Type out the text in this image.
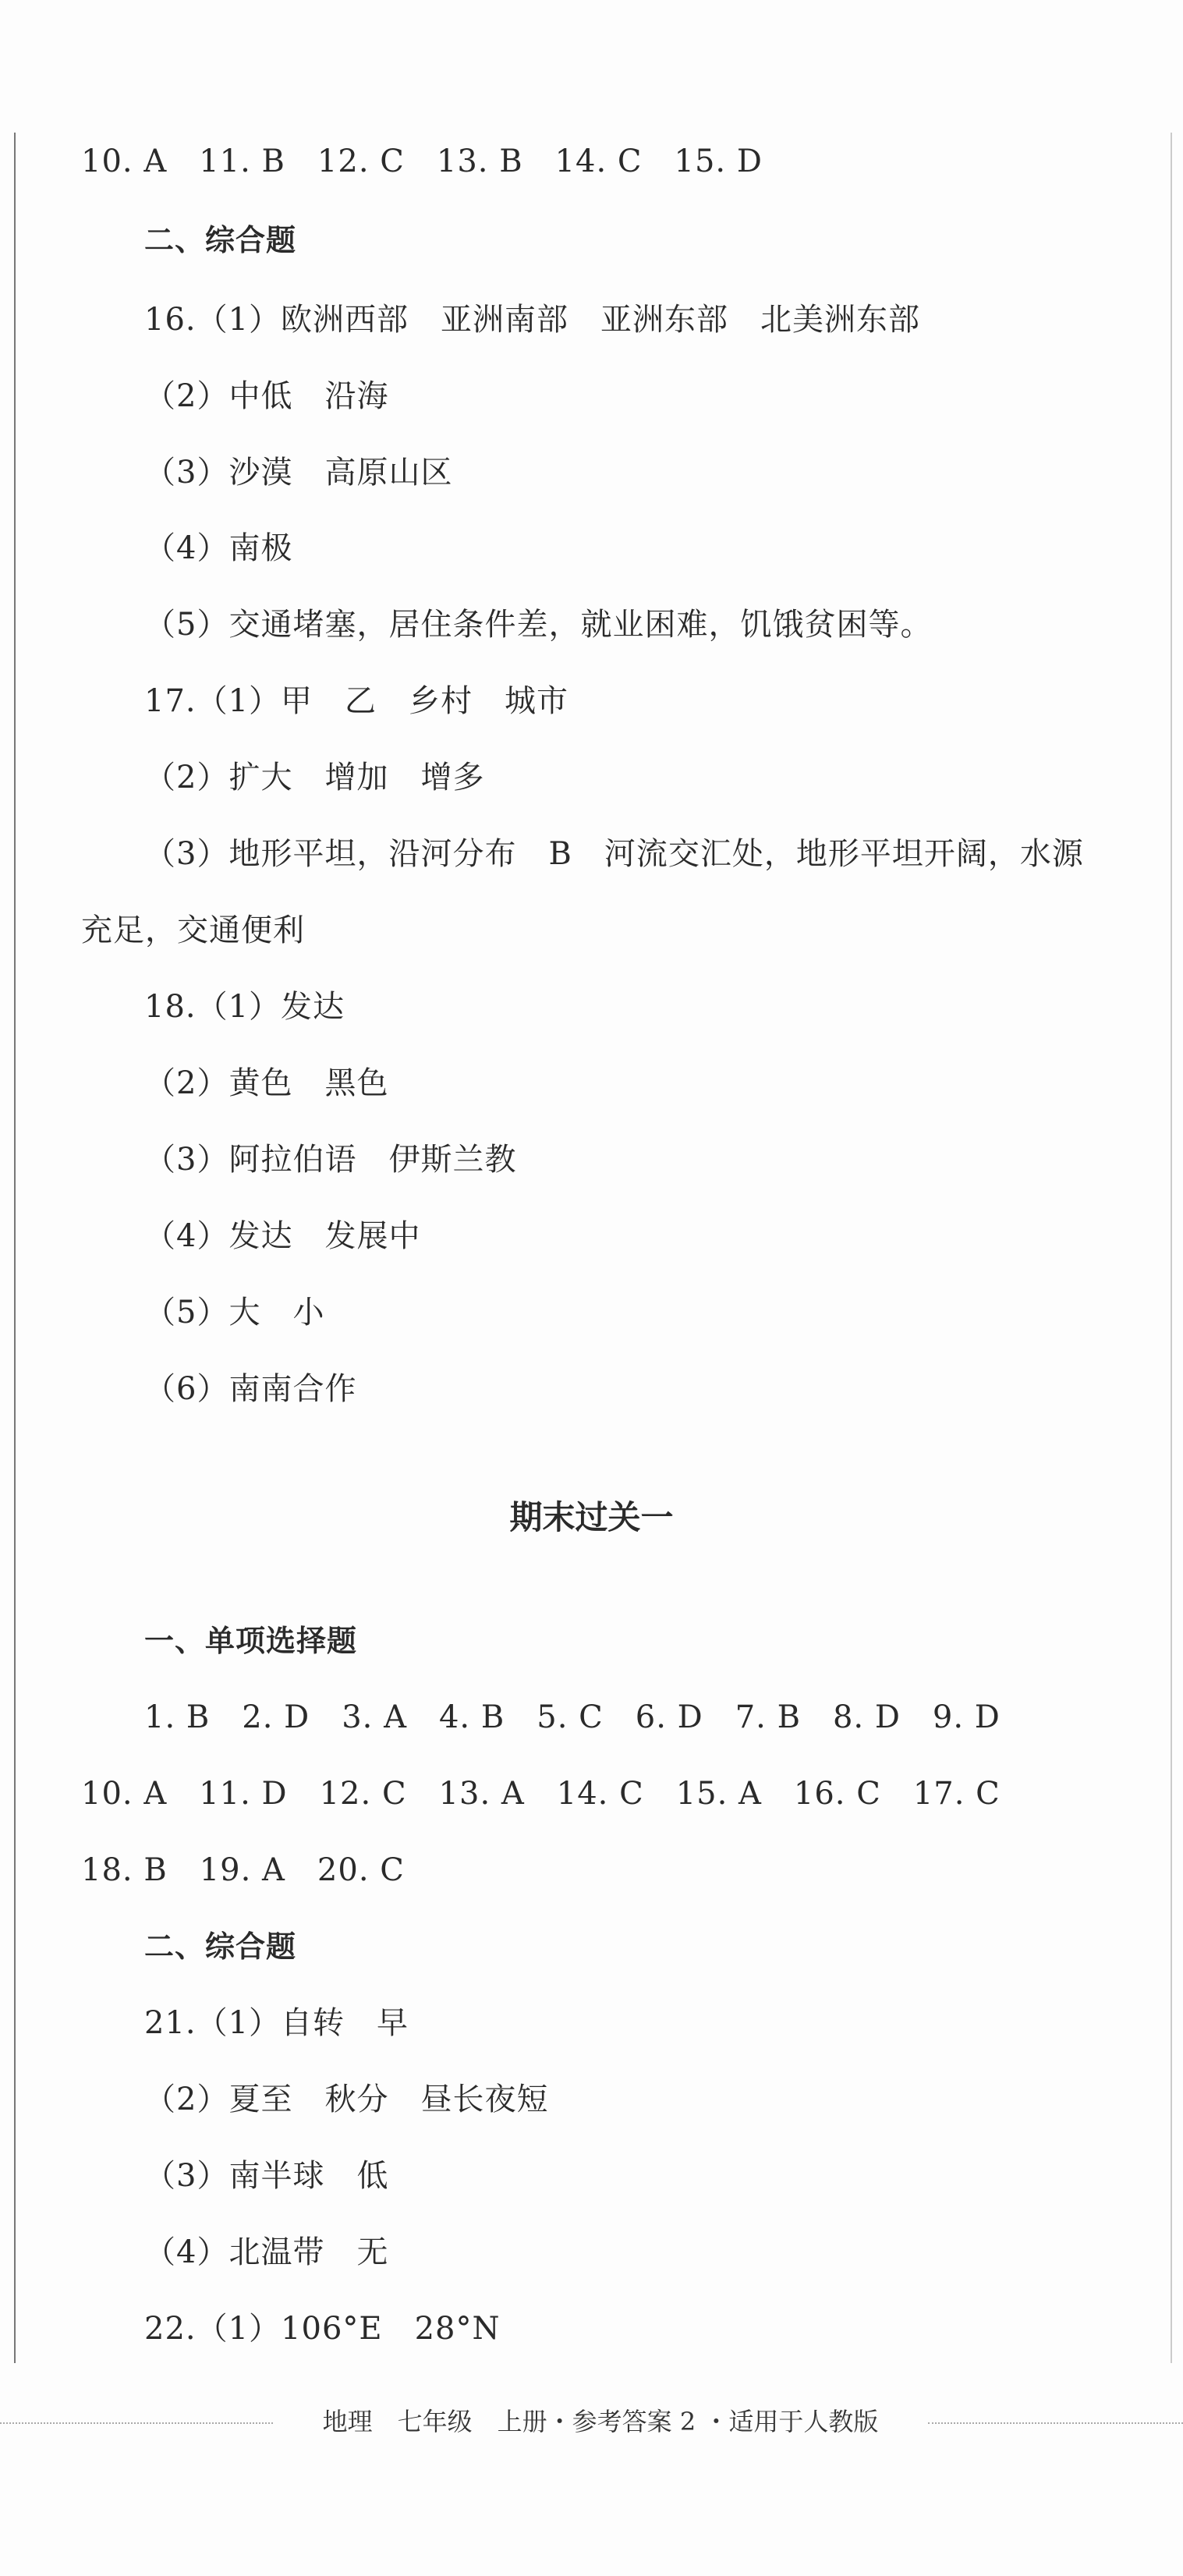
10. A　11. B　12. C　13. B　14. C　15. D
二、综合题
16.（1）欧洲西部　亚洲南部　亚洲东部　北美洲东部
（2）中低　沿海
（3）沙漠　高原山区
（4）南极
（5）交通堵塞，居住条件差，就业困难，饥饿贫困等。
17.（1）甲　乙　乡村　城市
（2）扩大　增加　增多
（3）地形平坦，沿河分布　B　河流交汇处，地形平坦开阔，水源
充足，交通便利
18.（1）发达
（2）黄色　黑色
（3）阿拉伯语　伊斯兰教
（4）发达　发展中
（5）大　小
（6）南南合作
期末过关一
一、单项选择题
1. B　2. D　3. A　4. B　5. C　6. D　7. B　8. D　9. D
10. A　11. D　12. C　13. A　14. C　15. A　16. C　17. C
18. B　19. A　20. C
二、综合题
21.（1）自转　早
（2）夏至　秋分　昼长夜短
（3）南半球　低
（4）北温带　无
22.（1）106°E　28°N
地理　七年级　上册・参考答案 2 ・适用于人教版
